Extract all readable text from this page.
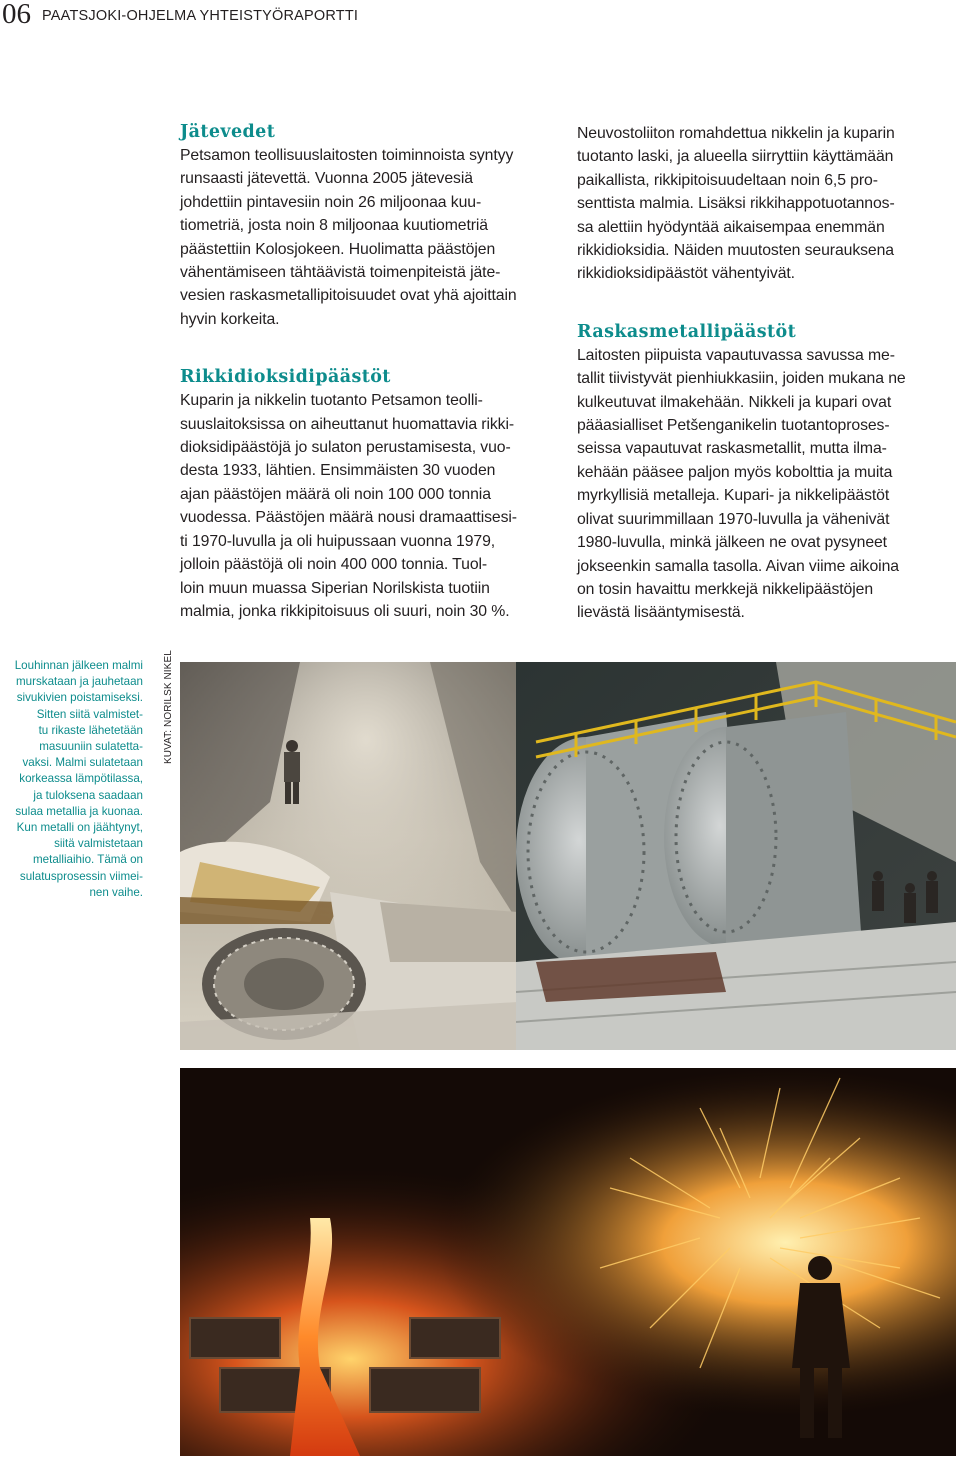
06 PAATSJOKI-OHJELMA YHTEISTYÖRAPORTTI
Jätevedet

Petsamon teollisuuslaitosten toiminnoista syntyy
runsaasti jätevettä. Vuonna 2005 jätevesiä
johdettiin pintavesiin noin 26 miljoonaa kuu-
tiometriä, josta noin 8 miljoonaa kuutiometriä
päästettiin Kolosjokeen. Huolimatta päästöjen
vähentämiseen tähtäävistä toimenpiteistä jäte-
vesien raskasmetallipitoisuudet ovat yhä ajoittain
hyvin korkeita.

Rikkidioksidipäästöt

Kuparin ja nikkelin tuotanto Petsamon teolli-
suuslaitoksissa on aiheuttanut huomattavia rikki-
dioksidipäästöjä jo sulaton perustamisesta, vuo-
desta 1933, lähtien. Ensimmäisten 30 vuoden
ajan päästöjen määrä oli noin 100 000 tonnia
vuodessa. Päästöjen määrä nousi dramaattisesi-
ti 1970-luvulla ja oli huipussaan vuonna 1979,
jolloin päästöjä oli noin 400 000 tonnia. Tuol-
loin muun muassa Siperian Norilskista tuotiin
malmia, jonka rikkipitoisuus oli suuri, noin 30 %.

Neuvostoliiton romahdettua nikkelin ja kuparin
tuotanto laski, ja alueella siirryttiin käyttämään
paikallista, rikkipitoisuudeltaan noin 6,5 pro-
senttista malmia. Lisäksi rikkihappotuotannos-
sa alettiin hyödyntää aikaisempaa enemmän
rikkidioksidia. Näiden muutosten seurauksena
rikkidioksidipäästöt vähentyivät.

Raskasmetallipäästöt

Laitosten piipuista vapautuvassa savussa me-
tallit tiivistyvät pienhiukkasiin, joiden mukana ne
kulkeutuvat ilmakehään. Nikkeli ja kupari ovat
pääasialliset Petšenganikelin tuotantoproses-
seissa vapautuvat raskasmetallit, mutta ilma-
kehään pääsee paljon myös kobolttia ja muita
myrkyllisiä metalleja. Kupari- ja nikkelipäästöt
olivat suurimmillaan 1970-luvulla ja vähenivät
1980-luvulla, minkä jälkeen ne ovat pysyneet
jokseenkin samalla tasolla. Aivan viime aikoina
on tosin havaittu merkkejä nikkelipäästöjen
lievästä lisääntymisestä.

Louhinnan jälkeen malmi
murskataan ja jauhetaan
sivukivien poistamiseksi.
Sitten siitä valmistet-
tu rikaste lähetetään
masuuniin sulatetta-
vaksi. Malmi sulatetaan
korkeassa lämpötilassa,
ja tuloksena saadaan
sulaa metallia ja kuonaa.
Kun metalli on jäähtynyt,
siitä valmistetaan
metalliaihio. Tämä on
sulatusprosessin viimei-
nen vaihe.
KUVAT: NORILSK NIKEL
